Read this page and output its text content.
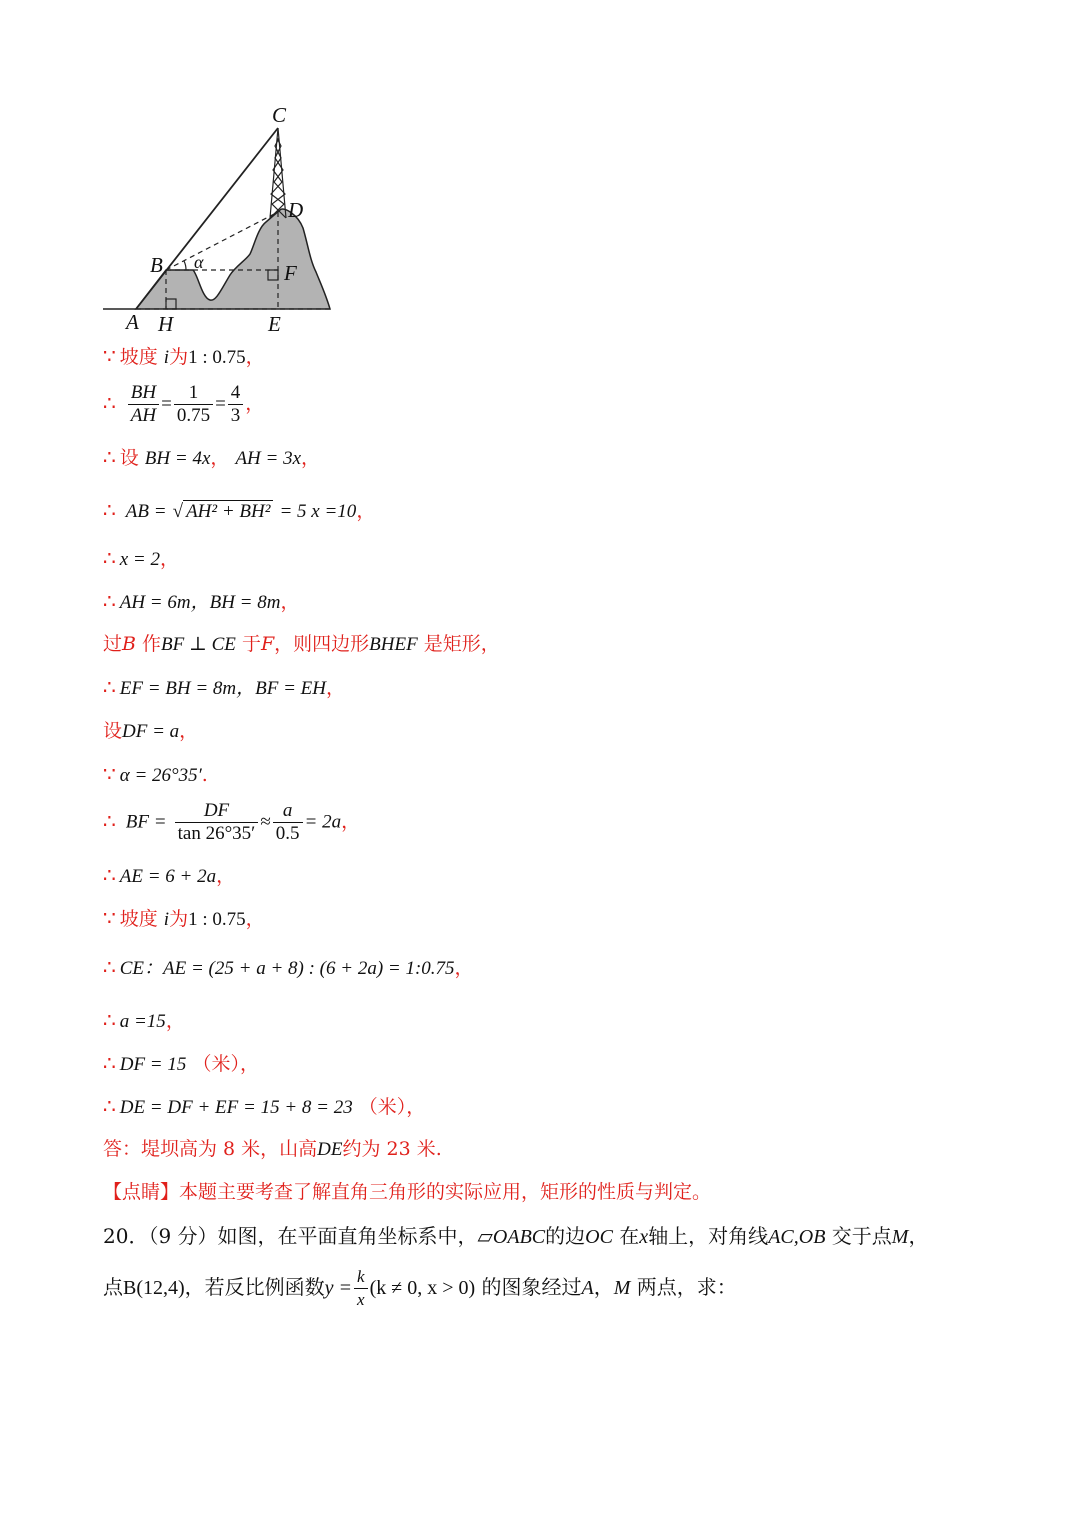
C
D
B α	F
A H	E
∵ 坡度 i为1 : 0.75，
∴ $\frac{BH}{AH} = \frac{1}{0.75} = \frac{4}{3}$ ，
∴ 设 BH = 4x， AH = 3x，
∴ AB = √ AH² + BH² = 5 x =10，
∴ x = 2，
∴ AH = 6m，BH = 8m，
过B 作BF ⊥ CE 于F，则四边形BHEF 是矩形，
∴ EF = BH = 8m，BF = EH，
设DF = a，
∵ α = 26°35′.
∴ BF = $\frac{DF}{\tan 26^\circ 35'} \approx \frac{a}{0.5} = 2a$，
∴ AE = 6 + 2a，
∵ 坡度 i为1 : 0.75，
∴ CE：AE = (25 + a + 8) : (6 + 2a) = 1:0.75，
∴ a =15，
∴ DF = 15 （米），
∴ DE = DF + EF = 15 + 8 = 23 （米），
答：堤坝高为 8 米，山高DE约为 23 米.
【点睛】本题主要考查了解直角三角形的实际应用，矩形的性质与判定。
20．（9 分）如图，在平面直角坐标系中，▱OABC的边OC 在x轴上，对角线AC,OB 交于点M，
点B(12,4)，若反比例函数$y = \frac{k}{x} (k \ne 0$, x > 0) 的图象经过A，M 两点，求：
